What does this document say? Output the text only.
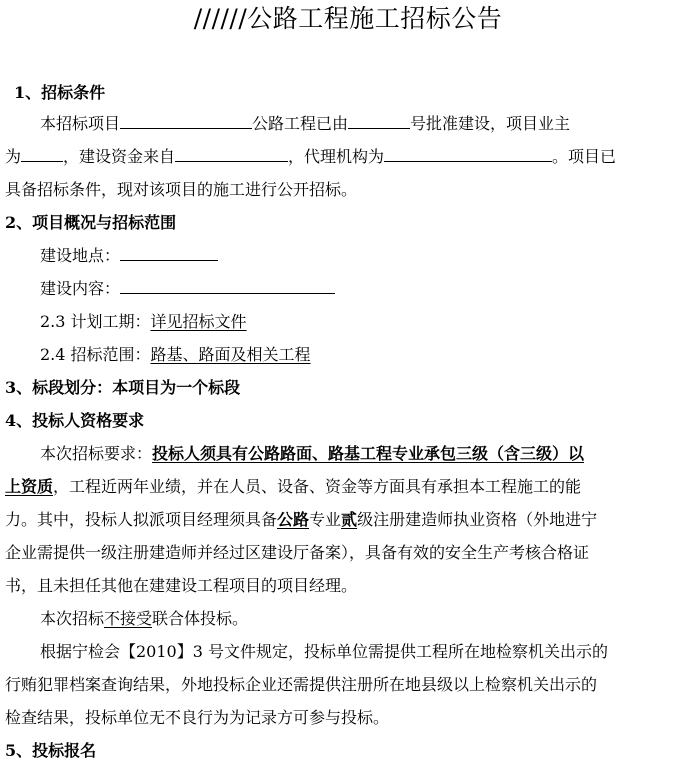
//////公路工程施工招标公告
1、招标条件
本招标项目	公路工程已由	号批准建设，项目业主
为	，建设资金来自	，代理机构为	。项目已
具备招标条件，现对该项目的施工进行公开招标。
2、项目概况与招标范围
建设地点：
建设内容：
2.3 计划工期：详见招标文件
2.4 招标范围：路基、路面及相关工程
3、标段划分：本项目为一个标段
4、投标人资格要求
本次招标要求：投标人须具有公路路面、路基工程专业承包三级（含三级）以
上资质，工程近两年业绩，并在人员、设备、资金等方面具有承担本工程施工的能
力。其中，投标人拟派项目经理须具备公路专业贰级注册建造师执业资格（外地进宁
企业需提供一级注册建造师并经过区建设厅备案），具备有效的安全生产考核合格证
书，且未担任其他在建建设工程项目的项目经理。
本次招标不接受联合体投标。
根据宁检会【2010】3 号文件规定，投标单位需提供工程所在地检察机关出示的
行贿犯罪档案查询结果，外地投标企业还需提供注册所在地县级以上检察机关出示的
检查结果，投标单位无不良行为为记录方可参与投标。
5、投标报名
